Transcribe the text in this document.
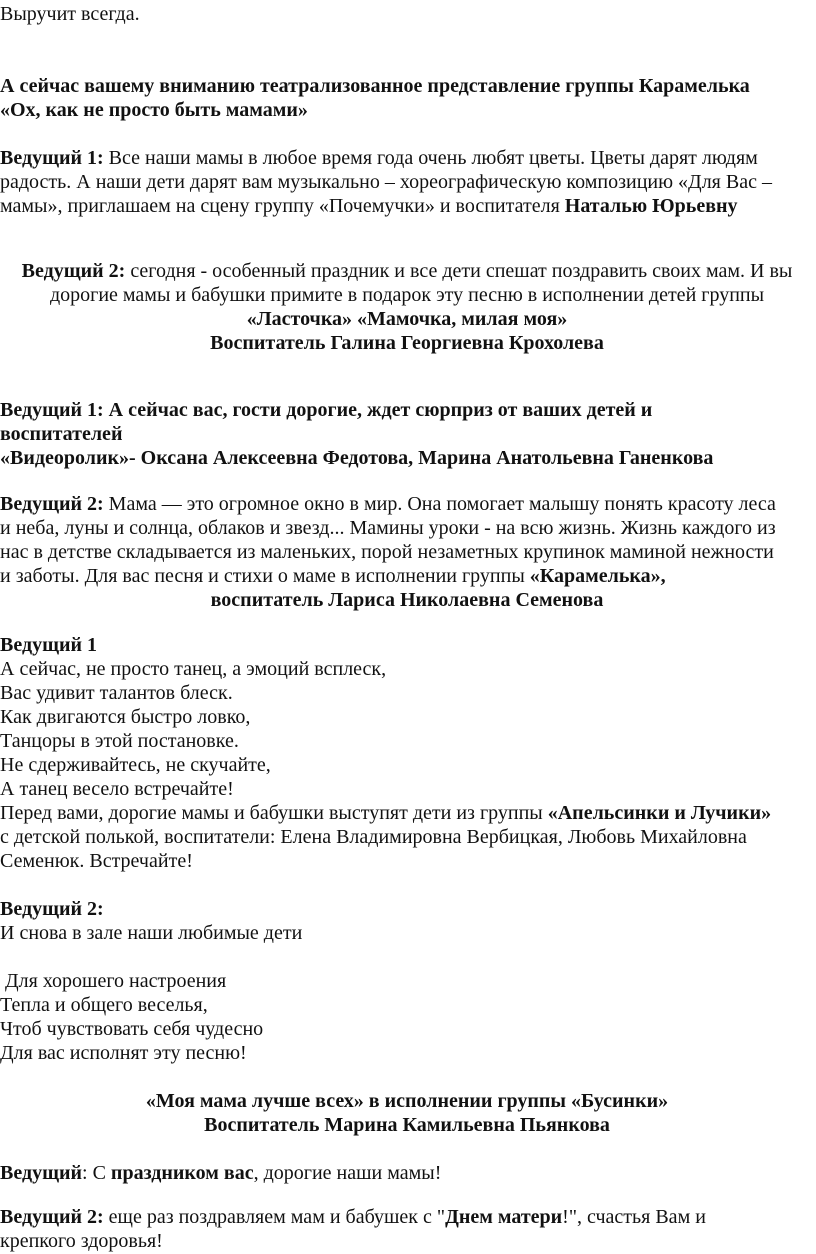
Выручит всегда.
А сейчас вашему вниманию театрализованное представление группы Карамелька
«Ох, как не просто быть мамами»
Ведущий 1: Все наши мамы в любое время года очень любят цветы. Цветы дарят людям
радость. А наши дети дарят вам музыкально – хореографическую композицию «Для Вас –
мамы», приглашаем на сцену группу «Почемучки» и воспитателя Наталью Юрьевну
Ведущий 2: сегодня - особенный праздник и все дети спешат поздравить своих мам. И вы
дорогие мамы и бабушки примите в подарок эту песню в исполнении детей группы
«Ласточка» «Мамочка, милая моя»
Воспитатель Галина Георгиевна Крохолева
Ведущий 1: А сейчас вас, гости дорогие, ждет сюрприз от ваших детей и
воспитателей
«Видеоролик»- Оксана Алексеевна Федотова, Марина Анатольевна Ганенкова
Ведущий 2: Мама — это огромное окно в мир. Она помогает малышу понять красоту леса
и неба, луны и солнца, облаков и звезд... Мамины уроки - на всю жизнь. Жизнь каждого из
нас в детстве складывается из маленьких, порой незаметных крупинок маминой нежности
и заботы. Для вас песня и стихи о маме в исполнении группы «Карамелька»,
воспитатель Лариса Николаевна Семенова
Ведущий 1
А сейчас, не просто танец, а эмоций всплеск,
Вас удивит талантов блеск.
Как двигаются быстро ловко,
Танцоры в этой постановке.
Не сдерживайтесь, не скучайте,
А танец весело встречайте!
Перед вами, дорогие мамы и бабушки выступят дети из группы «Апельсинки и Лучики»
с детской полькой, воспитатели: Елена Владимировна Вербицкая, Любовь Михайловна
Семенюк. Встречайте!
Ведущий 2:
И снова в зале наши любимые дети
Для хорошего настроения
Тепла и общего веселья,
Чтоб чувствовать себя чудесно
Для вас исполнят эту песню!
«Моя мама лучше всех» в исполнении группы «Бусинки»
Воспитатель Марина Камильевна Пьянкова
Ведущий: С праздником вас, дорогие наши мамы!
Ведущий 2: еще раз поздравляем мам и бабушек с "Днем матери!", счастья Вам и
крепкого здоровья!
